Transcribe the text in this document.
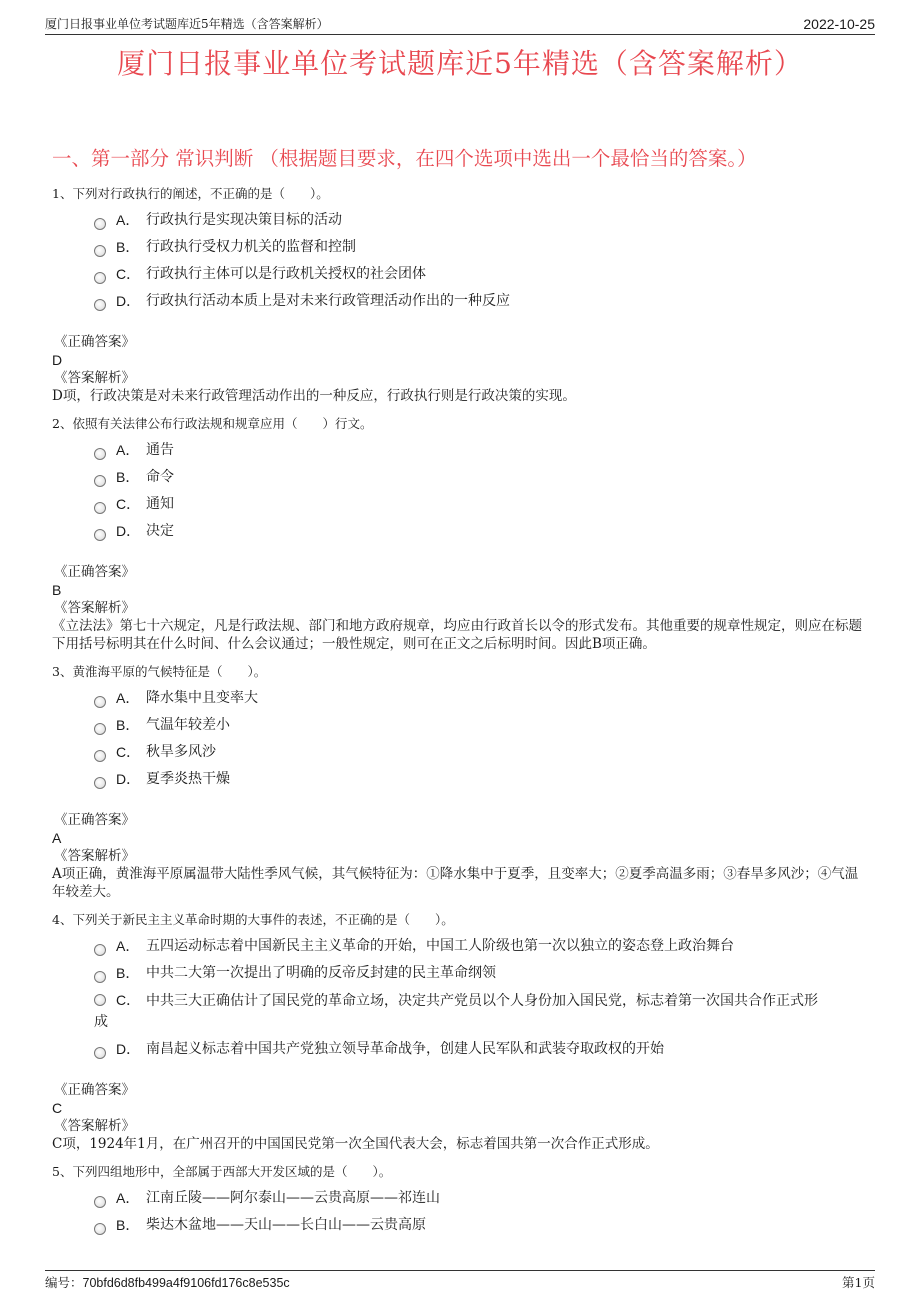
厦门日报事业单位考试题库近5年精选（含答案解析）	2022-10-25
厦门日报事业单位考试题库近5年精选（含答案解析）
一、第一部分 常识判断 （根据题目要求，在四个选项中选出一个最恰当的答案。）
1、下列对行政执行的阐述，不正确的是（　　）。
A． 行政执行是实现决策目标的活动
B． 行政执行受权力机关的监督和控制
C． 行政执行主体可以是行政机关授权的社会团体
D． 行政执行活动本质上是对未来行政管理活动作出的一种反应
《正确答案》
D
《答案解析》
D项，行政决策是对未来行政管理活动作出的一种反应，行政执行则是行政决策的实现。
2、依照有关法律公布行政法规和规章应用（　　）行文。
A． 通告
B． 命令
C． 通知
D． 决定
《正确答案》
B
《答案解析》
《立法法》第七十六规定，凡是行政法规、部门和地方政府规章，均应由行政首长以令的形式发布。其他重要的规章性规定，则应在标题下用括号标明其在什么时间、什么会议通过；一般性规定，则可在正文之后标明时间。因此B项正确。
3、黄淮海平原的气候特征是（　　）。
A． 降水集中且变率大
B． 气温年较差小
C． 秋旱多风沙
D． 夏季炎热干燥
《正确答案》
A
《答案解析》
A项正确，黄淮海平原属温带大陆性季风气候，其气候特征为：①降水集中于夏季，且变率大；②夏季高温多雨；③春旱多风沙；④气温年较差大。
4、下列关于新民主主义革命时期的大事件的表述，不正确的是（　　）。
A． 五四运动标志着中国新民主主义革命的开始，中国工人阶级也第一次以独立的姿态登上政治舞台
B． 中共二大第一次提出了明确的反帝反封建的民主革命纲领
C． 中共三大正确估计了国民党的革命立场，决定共产党员以个人身份加入国民党，标志着第一次国共合作正式形
成
D． 南昌起义标志着中国共产党独立领导革命战争，创建人民军队和武装夺取政权的开始
《正确答案》
C
《答案解析》
C项，1924年1月，在广州召开的中国国民党第一次全国代表大会，标志着国共第一次合作正式形成。
5、下列四组地形中，全部属于西部大开发区域的是（　　）。
A． 江南丘陵——阿尔泰山——云贵高原——祁连山
B． 柴达木盆地——天山——长白山——云贵高原
编号：70bfd6d8fb499a4f9106fd176c8e535c	第1页
